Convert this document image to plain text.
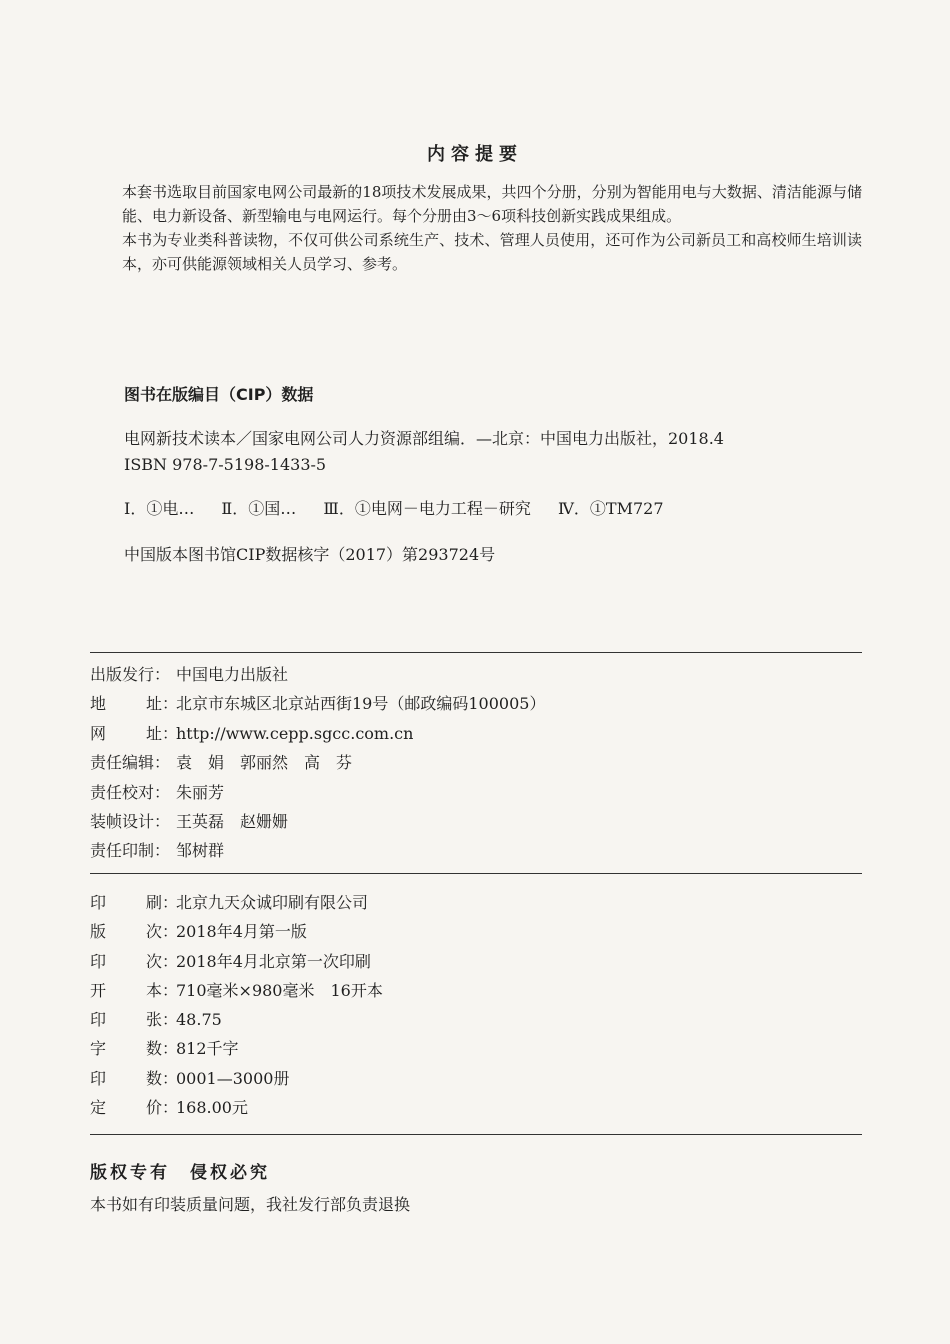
内容提要
本套书选取目前国家电网公司最新的18项技术发展成果，共四个分册，分别为智能用电与大数据、清洁能源与储能、电力新设备、新型输电与电网运行。每个分册由3～6项科技创新实践成果组成。
本书为专业类科普读物，不仅可供公司系统生产、技术、管理人员使用，还可作为公司新员工和高校师生培训读本，亦可供能源领域相关人员学习、参考。
图书在版编目（CIP）数据
电网新技术读本／国家电网公司人力资源部组编．—北京：中国电力出版社，2018.4
ISBN 978-7-5198-1433-5
Ⅰ．①电… Ⅱ．①国… Ⅲ．①电网－电力工程－研究 Ⅳ．①TM727
中国版本图书馆CIP数据核字（2017）第293724号
出版发行： 中国电力出版社
地 址：北京市东城区北京站西街19号（邮政编码100005）
网 址：http://www.cepp.sgcc.com.cn
责任编辑： 袁　娟　郭丽然　高　芬
责任校对： 朱丽芳
装帧设计： 王英磊　赵姗姗
责任印制： 邹树群
印 刷：北京九天众诚印刷有限公司
版 次：2018年4月第一版
印 次：2018年4月北京第一次印刷
开 本：710毫米×980毫米　16开本
印 张：48.75
字 数：812千字
印 数：0001—3000册
定 价：168.00元
版权专有　侵权必究
本书如有印装质量问题，我社发行部负责退换
